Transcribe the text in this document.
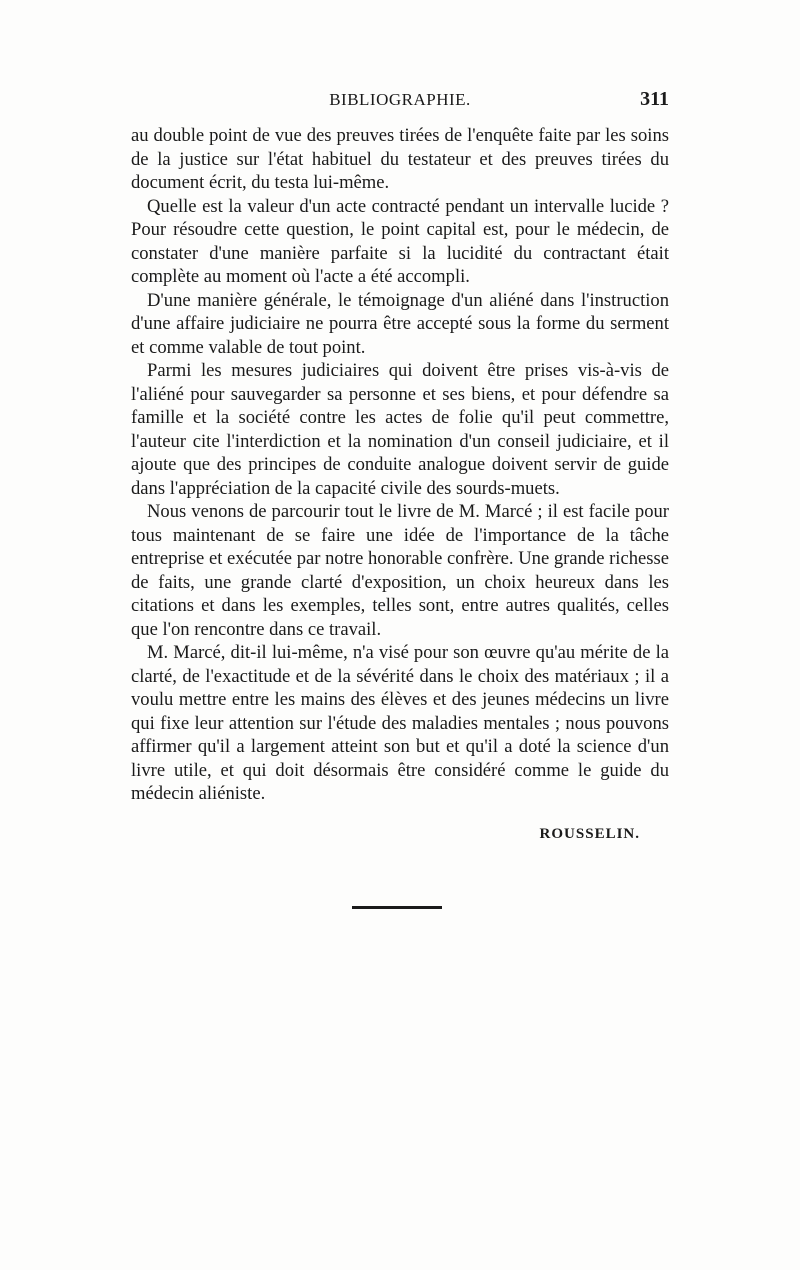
BIBLIOGRAPHIE.	311

au double point de vue des preuves tirées de l'enquête faite par les soins de la justice sur l'état habituel du testateur et des preuves tirées du document écrit, du testa lui-même.

Quelle est la valeur d'un acte contracté pendant un intervalle lucide ? Pour résoudre cette question, le point capital est, pour le médecin, de constater d'une manière parfaite si la lucidité du contractant était complète au moment où l'acte a été accompli.

D'une manière générale, le témoignage d'un aliéné dans l'instruction d'une affaire judiciaire ne pourra être accepté sous la forme du serment et comme valable de tout point.

Parmi les mesures judiciaires qui doivent être prises vis-à-vis de l'aliéné pour sauvegarder sa personne et ses biens, et pour défendre sa famille et la société contre les actes de folie qu'il peut commettre, l'auteur cite l'interdiction et la nomination d'un conseil judiciaire, et il ajoute que des principes de conduite analogue doivent servir de guide dans l'appréciation de la capacité civile des sourds-muets.

Nous venons de parcourir tout le livre de M. Marcé ; il est facile pour tous maintenant de se faire une idée de l'importance de la tâche entreprise et exécutée par notre honorable confrère. Une grande richesse de faits, une grande clarté d'exposition, un choix heureux dans les citations et dans les exemples, telles sont, entre autres qualités, celles que l'on rencontre dans ce travail.

M. Marcé, dit-il lui-même, n'a visé pour son œuvre qu'au mérite de la clarté, de l'exactitude et de la sévérité dans le choix des matériaux ; il a voulu mettre entre les mains des élèves et des jeunes médecins un livre qui fixe leur attention sur l'étude des maladies mentales ; nous pouvons affirmer qu'il a largement atteint son but et qu'il a doté la science d'un livre utile, et qui doit désormais être considéré comme le guide du médecin aliéniste.

ROUSSELIN.
